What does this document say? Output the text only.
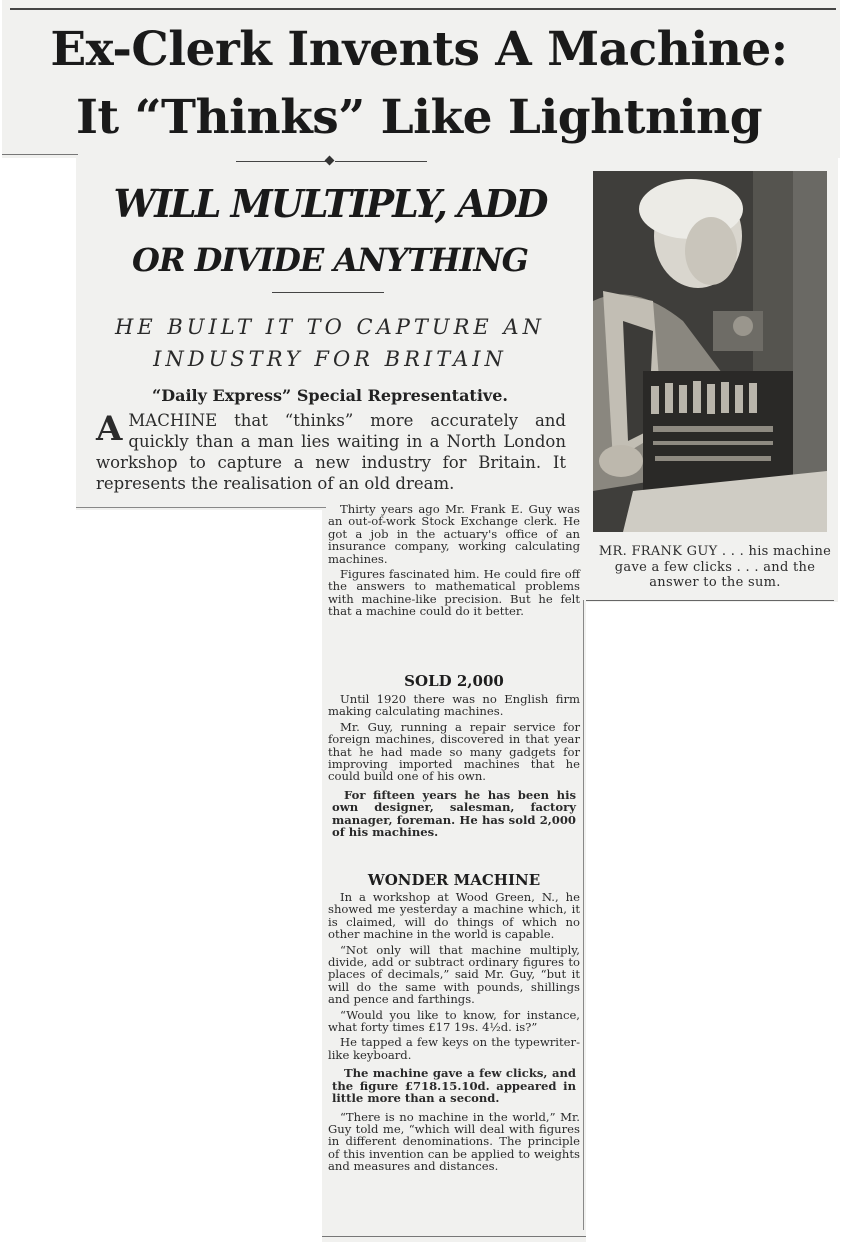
Ex-Clerk Invents A Machine:
It “Thinks” Like Lightning
WILL MULTIPLY, ADD
OR DIVIDE ANYTHING
HE BUILT IT TO CAPTURE AN
INDUSTRY FOR BRITAIN
“Daily Express” Special Representative.
AMACHINE that “thinks” more accurately and quickly than a man lies waiting in a North London workshop to capture a new industry for Britain. It represents the realisation of an old dream.
MR. FRANK GUY . . . his machine gave a few clicks . . . and the answer to the sum.

Thirty years ago Mr. Frank E. Guy was an out-of-work Stock Exchange clerk. He got a job in the actuary's office of an insurance company, working calculating machines.

Figures fascinated him. He could fire off the answers to mathematical problems with machine-like precision. But he felt that a machine could do it better.

SOLD 2,000

Until 1920 there was no English firm making calculating machines.

Mr. Guy, running a repair service for foreign machines, discovered in that year that he had made so many gadgets for improving imported machines that he could build one of his own.

For fifteen years he has been his own designer, salesman, factory manager, foreman. He has sold 2,000 of his machines.

WONDER MACHINE

In a workshop at Wood Green, N., he showed me yesterday a machine which, it is claimed, will do things of which no other machine in the world is capable.

“Not only will that machine multiply, divide, add or subtract ordinary figures to places of decimals,” said Mr. Guy, “but it will do the same with pounds, shillings and pence and farthings.

“Would you like to know, for instance, what forty times £17 19s. 4½d. is?”

He tapped a few keys on the typewriter-like keyboard.

The machine gave a few clicks, and the figure £718.15.10d. appeared in little more than a second.

“There is no machine in the world,” Mr. Guy told me, “which will deal with figures in different denominations. The principle of this invention can be applied to weights and measures and distances.
